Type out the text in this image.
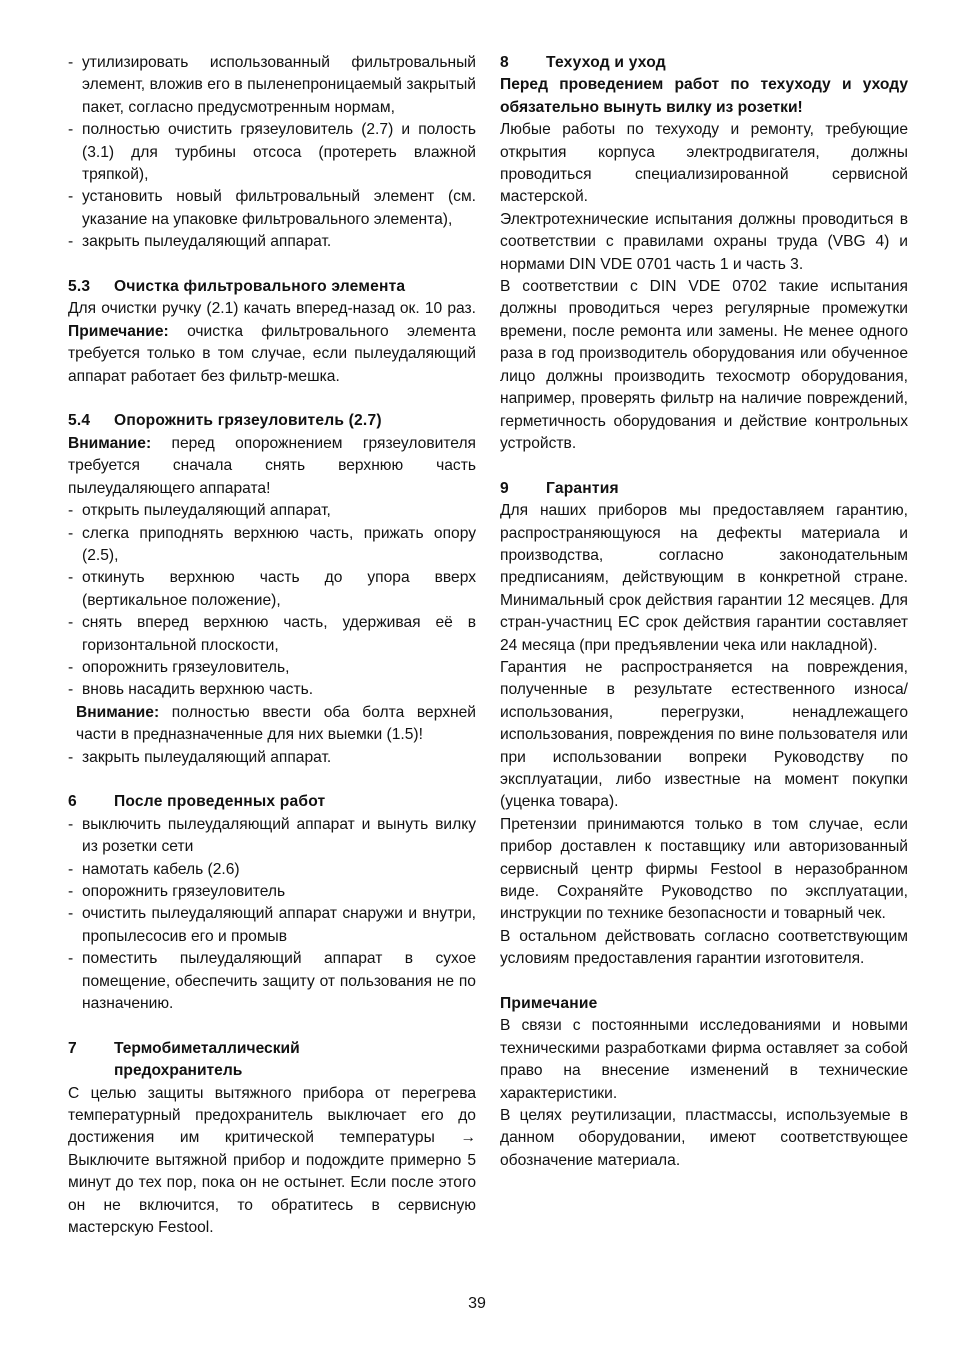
- утилизировать использованный фильтровальный элемент, вложив его в пыленепроницаемый закрытый пакет, согласно предусмотренным нормам,
- полностью очистить грязеуловитель (2.7) и полость (3.1) для турбины отсоса (протереть влажной тряпкой),
- установить новый фильтровальный элемент (см. указание на упаковке фильтровального элемента),
- закрыть пылеудаляющий аппарат.
5.3 Очистка фильтровального элемента

Для очистки ручку (2.1) качать вперед-назад ок. 10 раз. Примечание: очистка фильтровального элемента требуется только в том случае, если пылеудаляющий аппарат работает без фильтр-мешка.

5.4 Опорожнить грязеуловитель (2.7)

Внимание: перед опорожнением грязеуловителя требуется сначала снять верхнюю часть пылеудаляющего аппарата!

- открыть пылеудаляющий аппарат,
- слегка приподнять верхнюю часть, прижать опору (2.5),
- откинуть верхнюю часть до упора вверх (вертикальное положение),
- снять вперед верхнюю часть, удерживая её в горизонтальной плоскости,
- опорожнить грязеуловитель,
- вновь насадить верхнюю часть.

Внимание: полностью ввести оба болта верхней части в предназначенные для них выемки (1.5)!

- закрыть пылеудаляющий аппарат.
6 После проведенных работ
- выключить пылеудаляющий аппарат и вынуть вилку из розетки сети
- намотать кабель (2.6)
- опорожнить грязеуловитель
- очистить пылеудаляющий аппарат снаружи и внутри, пропылесосив его и промыв
- поместить пылеудаляющий аппарат в сухое помещение, обеспечить защиту от пользования не по назначению.
7 Термобиметаллический
предохранитель

С целью защиты вытяжного прибора от перегрева температурный предохранитель выключает его до достижения им критической температуры → Выключите вытяжной прибор и подождите примерно 5 минут до тех пор, пока он не остынет. Если после этого он не включится, то обратитесь в сервисную мастерскую Festool.

8 Техуход и уход

Перед проведением работ по техуходу и уходу обязательно вынуть вилку из розетки!

Любые работы по техуходу и ремонту, требующие открытия корпуса электродвигателя, должны проводиться специализированной сервисной мастерской.

Электротехнические испытания должны проводиться в соответствии с правилами охраны труда (VBG 4) и нормами DIN VDE 0701 часть 1 и часть 3.

В соответствии с DIN VDE 0702 такие испытания должны проводиться через регулярные промежутки времени, после ремонта или замены. Не менее одного раза в год производитель оборудования или обученное лицо должны производить техосмотр оборудования, например, проверять фильтр на наличие повреждений, герметичность оборудования и действие контрольных устройств.

9 Гарантия

Для наших приборов мы предоставляем гарантию, распространяющуюся на дефекты материала и производства, согласно законодательным предписаниям, действующим в конкретной стране. Минимальный срок действия гарантии 12 месяцев. Для стран-участниц ЕС срок действия гарантии составляет 24 месяца (при предъявлении чека или накладной).

Гарантия не распространяется на повреждения, полученные в результате естественного износа/ использования, перегрузки, ненадлежащего использования, повреждения по вине пользователя или при использовании вопреки Руководству по эксплуатации, либо известные на момент покупки (уценка товара).

Претензии принимаются только в том случае, если прибор доставлен к поставщику или авторизованный сервисный центр фирмы Festool в неразобранном виде. Сохраняйте Руководство по эксплуатации, инструкции по технике безопасности и товарный чек.

В остальном действовать согласно соответствующим условиям предоставления гарантии изготовителя.

Примечание

В связи с постоянными исследованиями и новыми техническими разработками фирма оставляет за собой право на внесение изменений в технические характеристики.

В целях реутилизации, пластмассы, используемые в данном оборудовании, имеют соответствующее обозначение материала.

39
